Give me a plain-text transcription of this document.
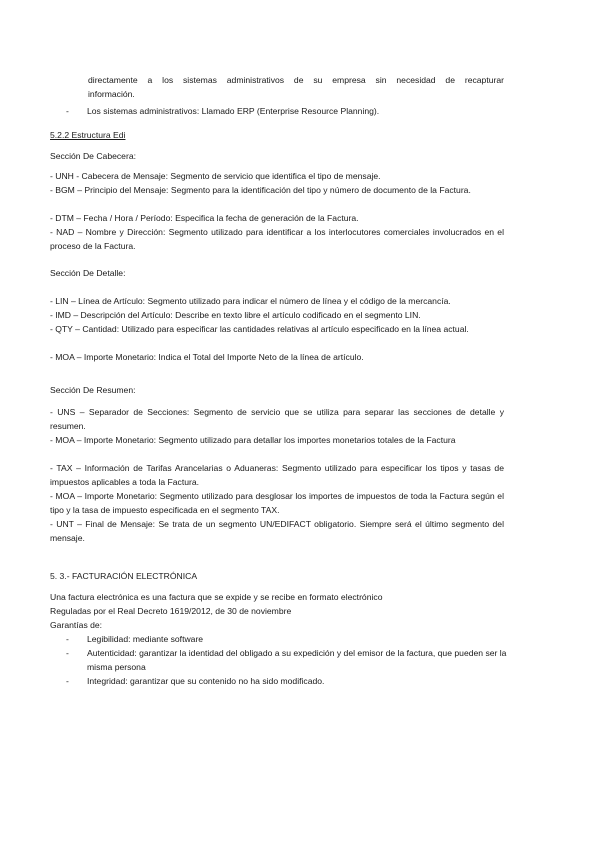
directamente a los sistemas administrativos de su empresa sin necesidad de recapturar

información.

- Los sistemas administrativos: Llamado ERP (Enterprise Resource Planning).

5.2.2 Estructura Edi

Sección De Cabecera:

- UNH - Cabecera de Mensaje: Segmento de servicio que identifica el tipo de mensaje.

- BGM – Principio del Mensaje: Segmento para la identificación del tipo y número de documento de la Factura.

- DTM – Fecha / Hora / Período: Especifica la fecha de generación de la Factura.

- NAD – Nombre y Dirección: Segmento utilizado para identificar a los interlocutores comerciales involucrados en el proceso de la Factura.

Sección De Detalle:

- LIN – Línea de Artículo: Segmento utilizado para indicar el número de línea y el código de la mercancía.

- IMD – Descripción del Artículo: Describe en texto libre el artículo codificado en el segmento LIN.

- QTY – Cantidad: Utilizado para especificar las cantidades relativas al artículo especificado en la línea actual.

- MOA – Importe Monetario: Indica el Total del Importe Neto de la línea de artículo.

Sección De Resumen:

- UNS – Separador de Secciones: Segmento de servicio que se utiliza para separar las secciones de detalle y resumen.

- MOA – Importe Monetario: Segmento utilizado para detallar los importes monetarios totales de la Factura

- TAX – Información de Tarifas Arancelarias o Aduaneras: Segmento utilizado para especificar los tipos y tasas de impuestos aplicables a toda la Factura.

- MOA – Importe Monetario: Segmento utilizado para desglosar los importes de impuestos de toda la Factura según el tipo y la tasa de impuesto especificada en el segmento TAX.

- UNT – Final de Mensaje: Se trata de un segmento UN/EDIFACT obligatorio. Siempre será el último segmento del mensaje.

5. 3.- FACTURACIÓN ELECTRÓNICA

Una factura electrónica es una factura que se expide y se recibe en formato electrónico

Reguladas por el Real Decreto 1619/2012, de 30 de noviembre

Garantías de:

- Legibilidad: mediante software

- Autenticidad: garantizar la identidad del obligado a su expedición y del emisor de la factura, que pueden ser la misma persona

- Integridad: garantizar que su contenido no ha sido modificado.
